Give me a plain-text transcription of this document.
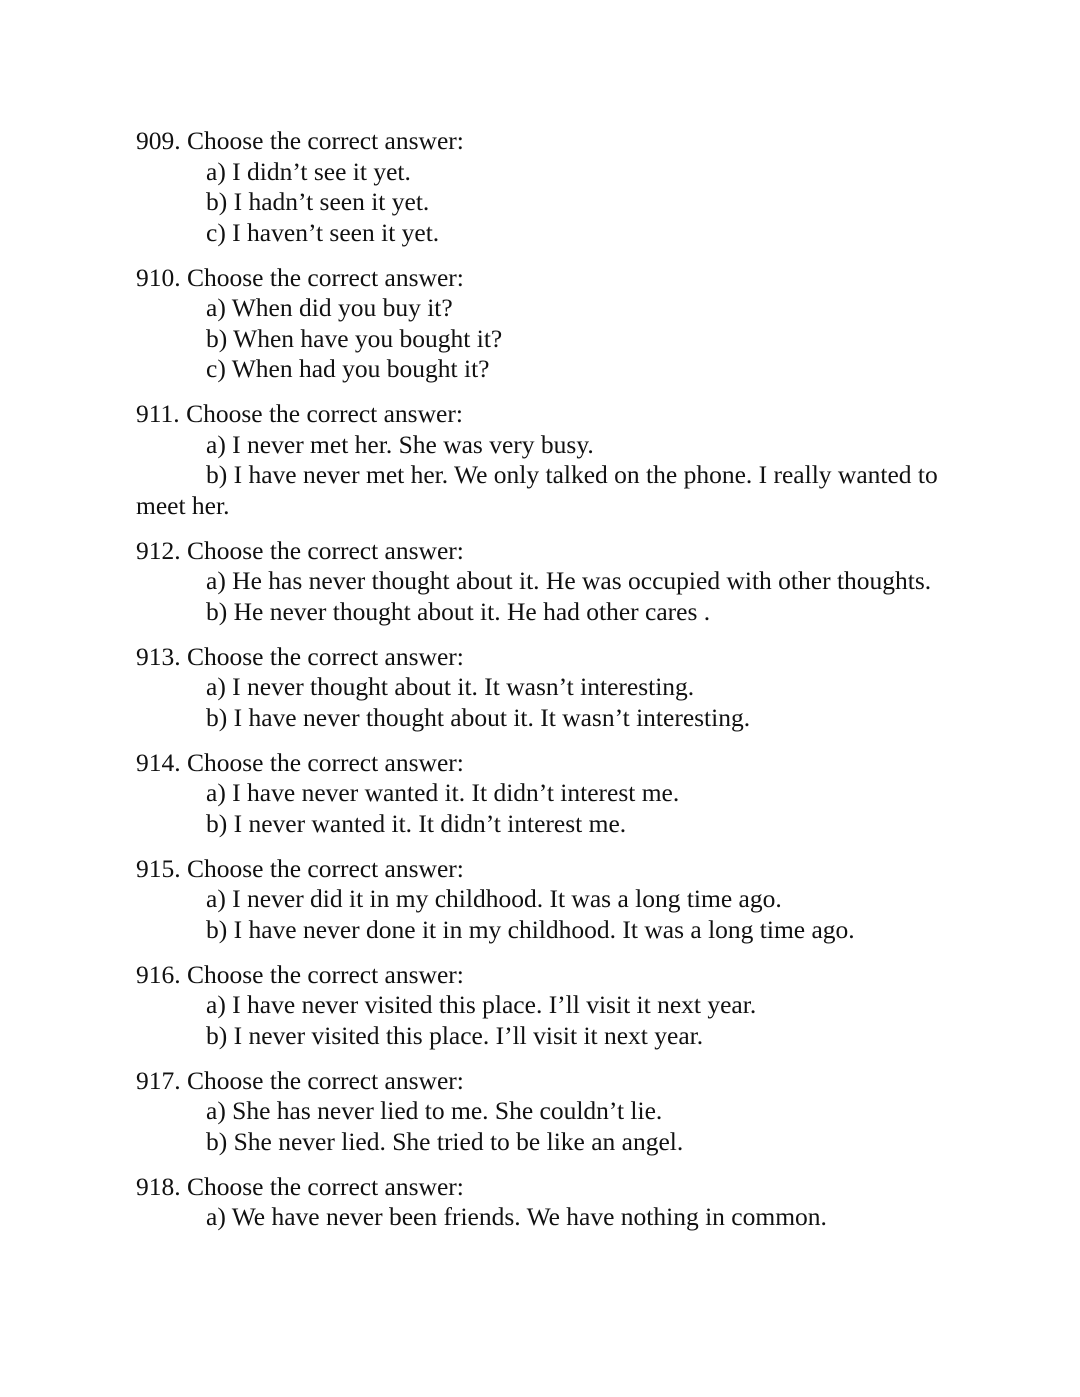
909. Choose the correct answer:
a) I didn’t see it yet.
b) I hadn’t seen it yet.
c) I haven’t seen it yet.
910. Choose the correct answer:
a) When did you buy it?
b) When have you bought it?
c) When had you bought it?
911. Choose the correct answer:
a) I never met her. She was very busy.
b) I have never met her. We only talked on the phone. I really wanted to meet her.
912. Choose the correct answer:
a) He has never thought about it. He was occupied with other thoughts.
b) He never thought about it. He had other cares .
913. Choose the correct answer:
a) I never thought about it. It wasn’t interesting.
b) I have never thought about it. It wasn’t interesting.
914. Choose the correct answer:
a) I have never wanted it. It didn’t interest me.
b) I never wanted it. It didn’t interest me.
915. Choose the correct answer:
a) I never did it in my childhood. It was a long time ago.
b) I have never done it in my childhood. It was a long time ago.
916. Choose the correct answer:
a) I have never visited this place. I’ll visit it next year.
b) I never visited this place. I’ll visit it next year.
917. Choose the correct answer:
a) She has never lied to me. She couldn’t lie.
b) She never lied. She tried to be like an angel.
918. Choose the correct answer:
a) We have never been friends. We have nothing in common.
